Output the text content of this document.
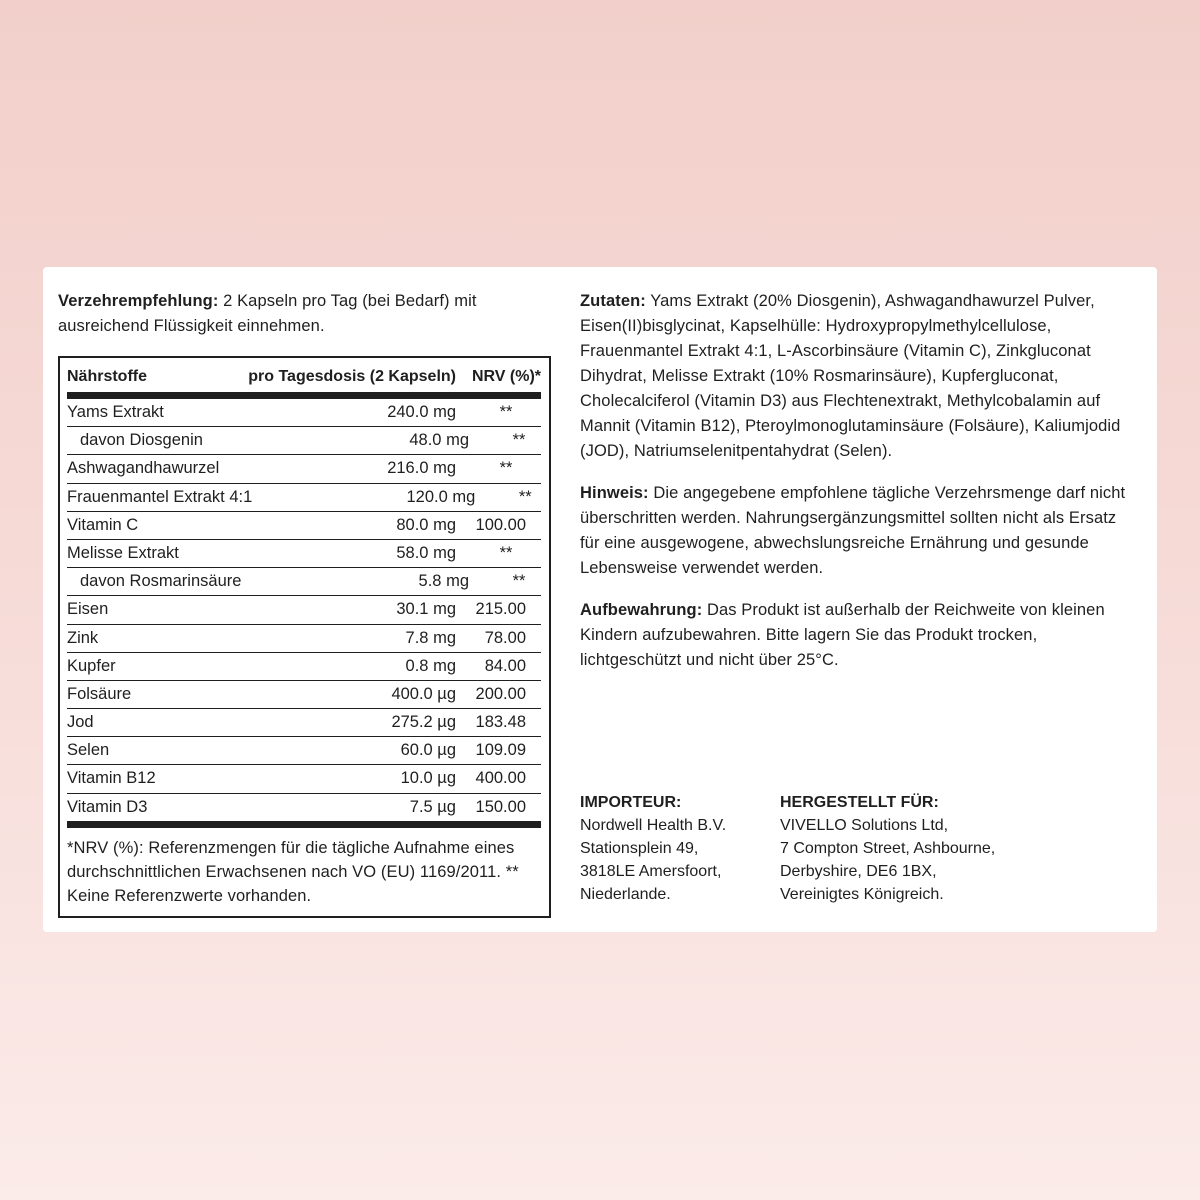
Verzehrempfehlung: 2 Kapseln pro Tag (bei Bedarf) mit ausreichend Flüssigkeit einnehmen.

Nährstoffe	pro Tagesdosis (2 Kapseln) NRV (%)*
Yams Extrakt	240.0 mg	**
davon Diosgenin	48.0 mg	**
Ashwagandhawurzel	216.0 mg	**
Frauenmantel Extrakt 4:1	120.0 mg	**
Vitamin C	80.0 mg	100.00
Melisse Extrakt	58.0 mg	**
davon Rosmarinsäure	5.8 mg	**
Eisen	30.1 mg	215.00
Zink	7.8 mg	78.00
Kupfer	0.8 mg	84.00
Folsäure	400.0 µg	200.00
Jod	275.2 µg	183.48
Selen	60.0 µg	109.09
Vitamin B12	10.0 µg	400.00
Vitamin D3	7.5 µg	150.00

*NRV (%): Referenzmengen für die tägliche Aufnahme eines durchschnittlichen Erwachsenen nach VO (EU) 1169/2011. ** Keine Referenzwerte vorhanden.

Zutaten: Yams Extrakt (20% Diosgenin), Ashwagandhawurzel Pulver, Eisen(II)bisglycinat, Kapselhülle: Hydroxypropylmethylcellulose, Frauenmantel Extrakt 4:1, L-Ascorbinsäure (Vitamin C), Zinkgluconat Dihydrat, Melisse Extrakt (10% Rosmarinsäure), Kupfergluconat, Cholecalciferol (Vitamin D3) aus Flechtenextrakt, Methylcobalamin auf Mannit (Vitamin B12), Pteroylmonoglutaminsäure (Folsäure), Kaliumjodid (JOD), Natriumselenitpentahydrat (Selen).

Hinweis: Die angegebene empfohlene tägliche Verzehrsmenge darf nicht überschritten werden. Nahrungsergänzungsmittel sollten nicht als Ersatz für eine ausgewogene, abwechslungsreiche Ernährung und gesunde Lebensweise verwendet werden.

Aufbewahrung: Das Produkt ist außerhalb der Reichweite von kleinen Kindern aufzubewahren. Bitte lagern Sie das Produkt trocken, lichtgeschützt und nicht über 25°C.

IMPORTEUR:
Nordwell Health B.V.
Stationsplein 49,
3818LE Amersfoort,
Niederlande.
HERGESTELLT FÜR:
VIVELLO Solutions Ltd,
7 Compton Street, Ashbourne,
Derbyshire, DE6 1BX,
Vereinigtes Königreich.
